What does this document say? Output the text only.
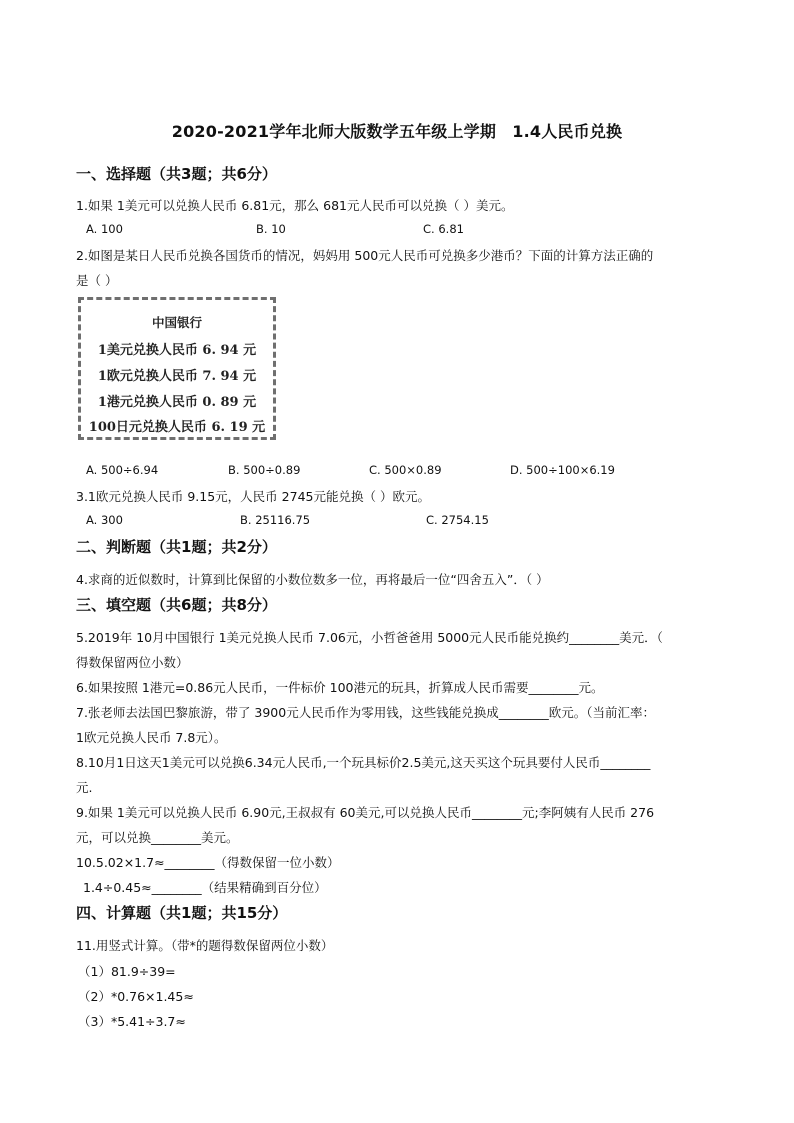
2020-2021学年北师大版数学五年级上学期　1.4人民币兑换
一、选择题（共3题；共6分）
1.如果 1美元可以兑换人民币 6.81元，那么 681元人民币可以兑换（ ）美元。
A. 100	B. 10	C. 6.81
2.如图是某日人民币兑换各国货币的情况，妈妈用 500元人民币可兑换多少港币？下面的计算方法正确的
是（ ）
中国银行
1美元兑换人民币 6. 94 元
1欧元兑换人民币 7. 94 元
1港元兑换人民币 0. 89 元
100日元兑换人民币 6. 19 元
A. 500÷6.94	B. 500÷0.89	C. 500×0.89	D. 500÷100×6.19
3.1欧元兑换人民币 9.15元，人民币 2745元能兑换（ ）欧元。
A. 300	B. 25116.75	C. 2754.15
二、判断题（共1题；共2分）
4.求商的近似数时，计算到比保留的小数位数多一位，再将最后一位“四舍五入”．（ ）
三、填空题（共6题；共8分）
5.2019年 10月中国银行 1美元兑换人民币 7.06元，小哲爸爸用 5000元人民币能兑换约________美元．（
得数保留两位小数）
6.如果按照 1港元=0.86元人民币，一件标价 100港元的玩具，折算成人民币需要________元。
7.张老师去法国巴黎旅游，带了 3900元人民币作为零用钱，这些钱能兑换成________欧元。（当前汇率：
1欧元兑换人民币 7.8元）。
8.10月1日这天1美元可以兑换6.34元人民币,一个玩具标价2.5美元,这天买这个玩具要付人民币________
元.
9.如果 1美元可以兑换人民币 6.90元,王叔叔有 60美元,可以兑换人民币________元;李阿姨有人民币 276
元，可以兑换________美元。
10.5.02×1.7≈________（得数保留一位小数）
1.4÷0.45≈________（结果精确到百分位）
四、计算题（共1题；共15分）
11.用竖式计算。（带*的题得数保留两位小数）
（1）81.9÷39=
（2）*0.76×1.45≈
（3）*5.41÷3.7≈
